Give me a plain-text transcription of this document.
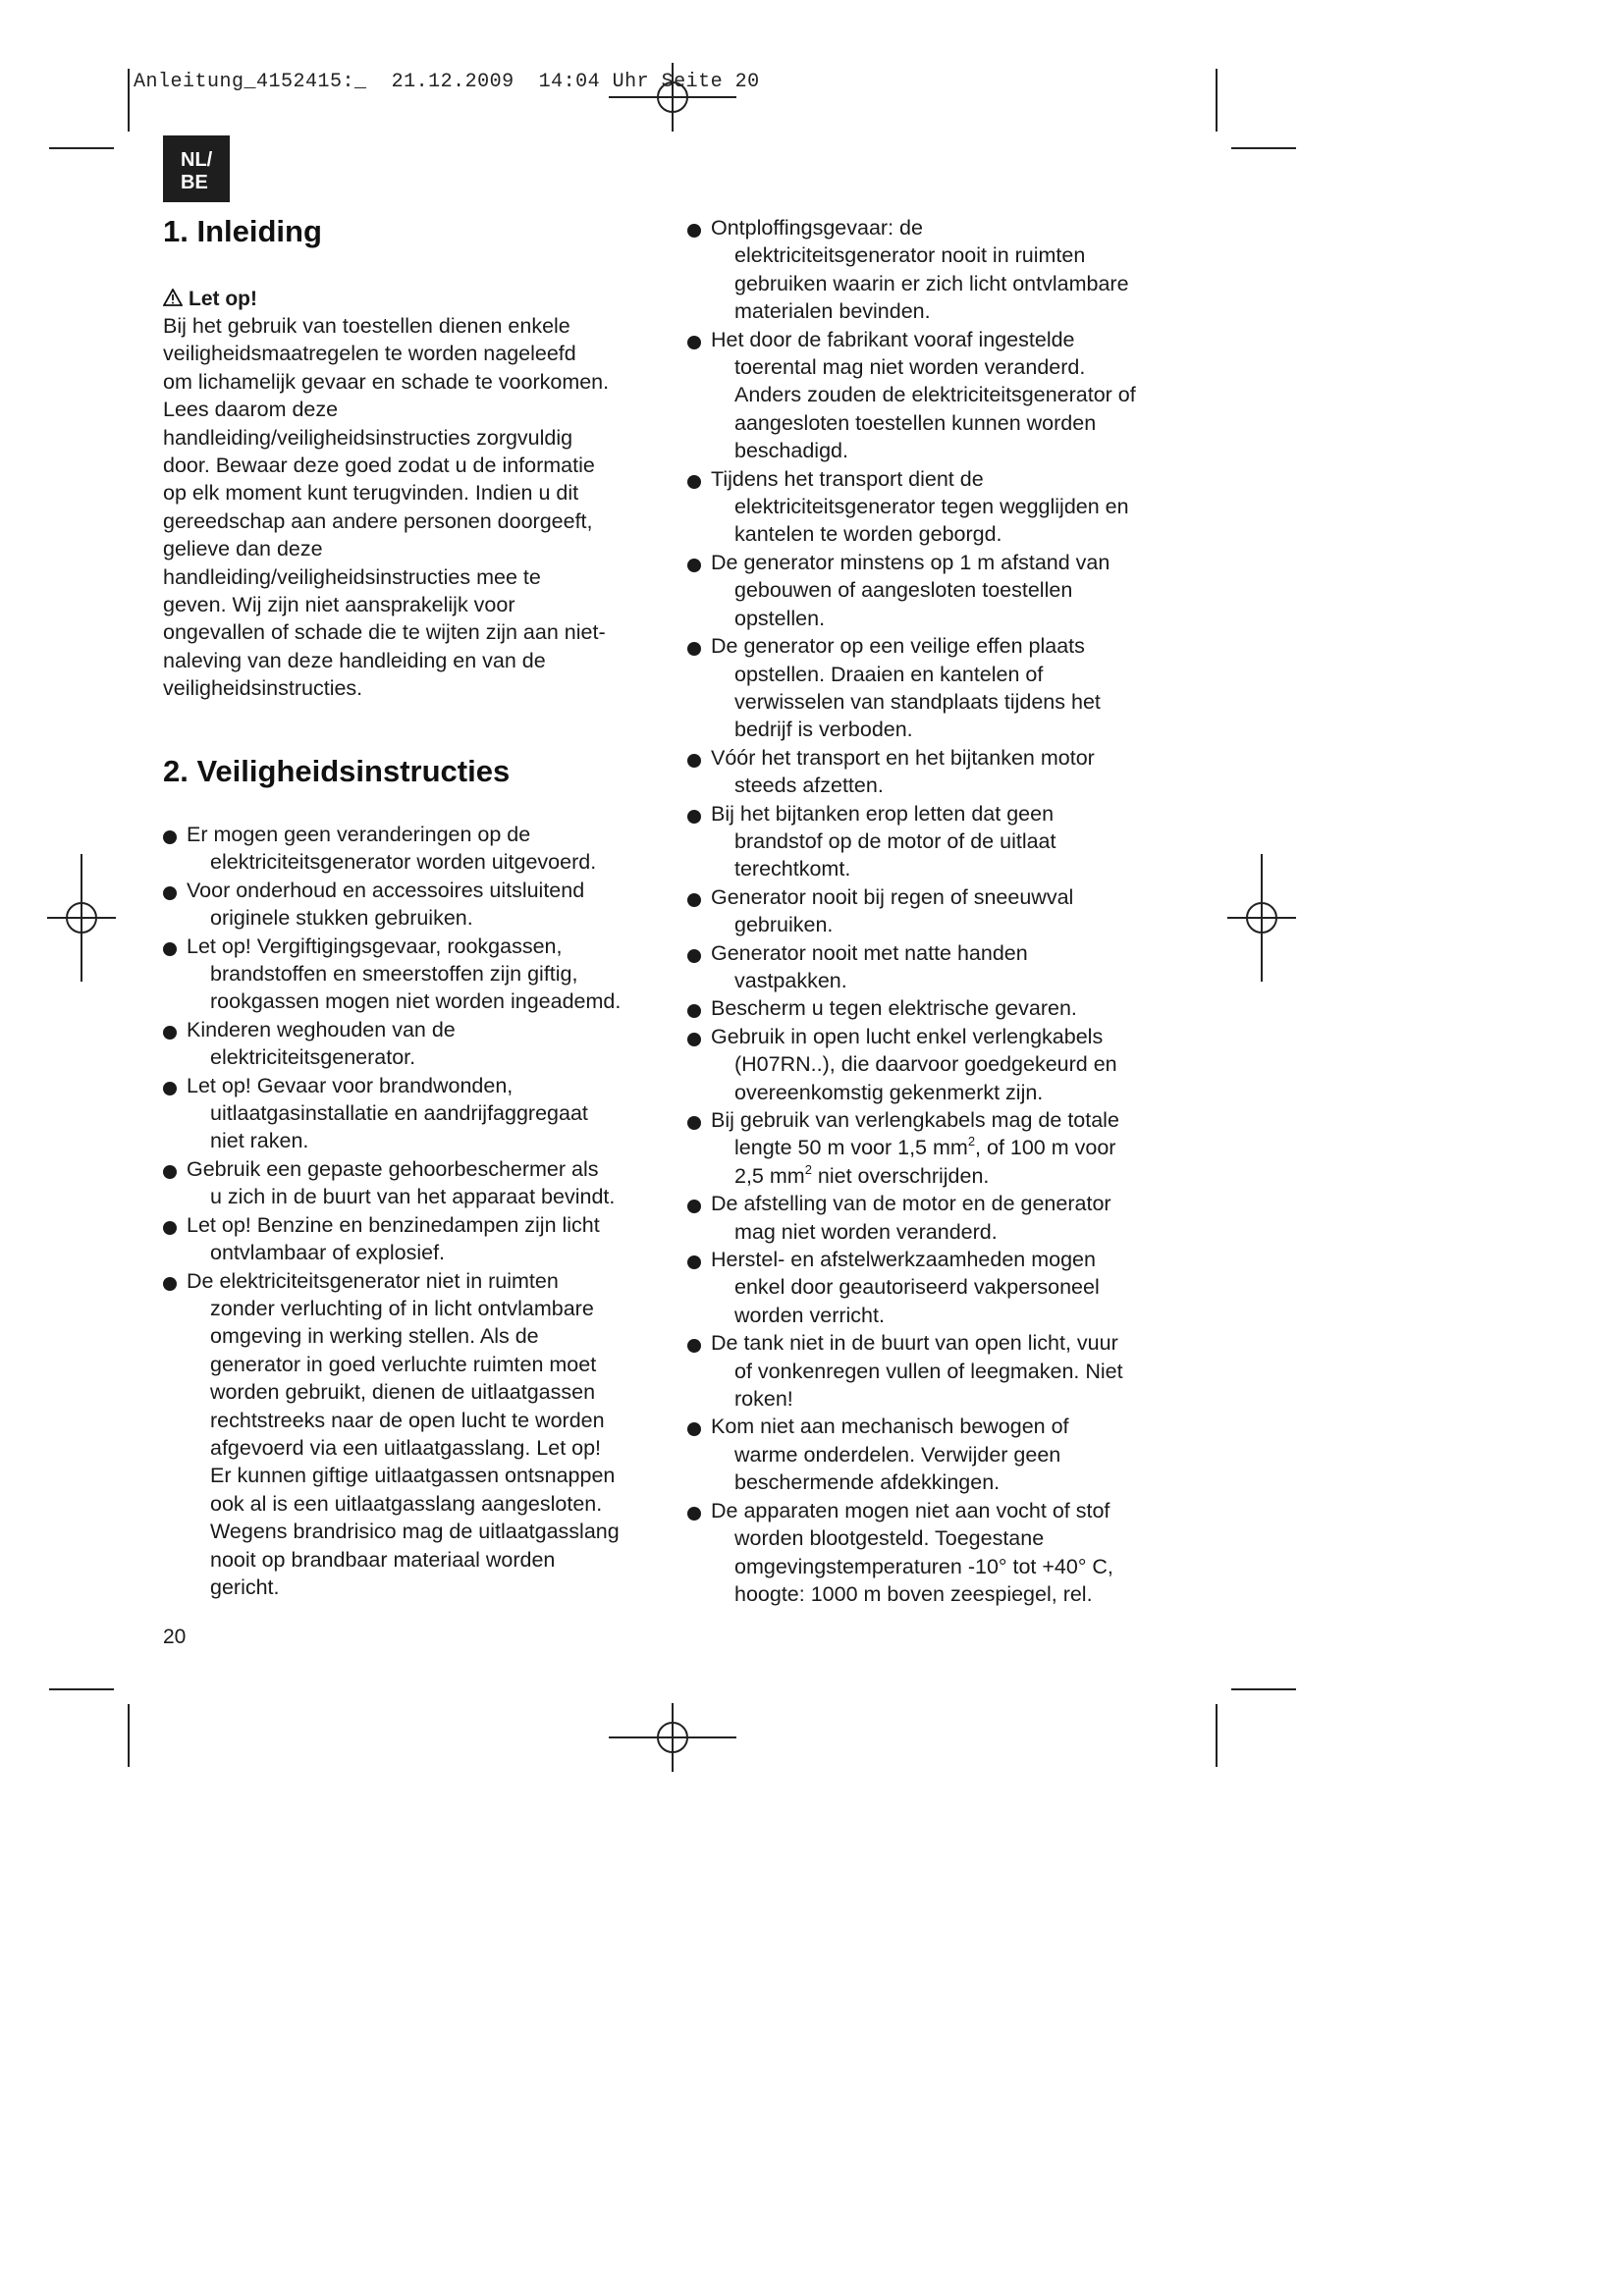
Anleitung_4152415:_ 21.12.2009 14:04 Uhr Seite 20
NL/
BE
1. Inleiding
Let op!

Bij het gebruik van toestellen dienen enkele
veiligheidsmaatregelen te worden nageleefd
om lichamelijk gevaar en schade te voorkomen.
Lees daarom deze
handleiding/veiligheidsinstructies zorgvuldig
door. Bewaar deze goed zodat u de informatie
op elk moment kunt terugvinden. Indien u dit
gereedschap aan andere personen doorgeeft,
gelieve dan deze
handleiding/veiligheidsinstructies mee te
geven. Wij zijn niet aansprakelijk voor
ongevallen of schade die te wijten zijn aan niet-
naleving van deze handleiding en van de
veiligheidsinstructies.

2. Veiligheidsinstructies
Er mogen geen veranderingen op de
elektriciteitsgenerator worden uitgevoerd.
Voor onderhoud en accessoires uitsluitend
originele stukken gebruiken.
Let op! Vergiftigingsgevaar, rookgassen,
brandstoffen en smeerstoffen zijn giftig,
rookgassen mogen niet worden ingeademd.
Kinderen weghouden van de
elektriciteitsgenerator.
Let op! Gevaar voor brandwonden,
uitlaatgasinstallatie en aandrijfaggregaat
niet raken.
Gebruik een gepaste gehoorbeschermer als
u zich in de buurt van het apparaat bevindt.
Let op! Benzine en benzinedampen zijn licht
ontvlambaar of explosief.
De elektriciteitsgenerator niet in ruimten
zonder verluchting of in licht ontvlambare
omgeving in werking stellen. Als de
generator in goed verluchte ruimten moet
worden gebruikt, dienen de uitlaatgassen
rechtstreeks naar de open lucht te worden
afgevoerd via een uitlaatgasslang. Let op!
Er kunnen giftige uitlaatgassen ontsnappen
ook al is een uitlaatgasslang aangesloten.
Wegens brandrisico mag de uitlaatgasslang
nooit op brandbaar materiaal worden
gericht.
Ontploffingsgevaar: de
elektriciteitsgenerator nooit in ruimten
gebruiken waarin er zich licht ontvlambare
materialen bevinden.
Het door de fabrikant vooraf ingestelde
toerental mag niet worden veranderd.
Anders zouden de elektriciteitsgenerator of
aangesloten toestellen kunnen worden
beschadigd.
Tijdens het transport dient de
elektriciteitsgenerator tegen wegglijden en
kantelen te worden geborgd.
De generator minstens op 1 m afstand van
gebouwen of aangesloten toestellen
opstellen.
De generator op een veilige effen plaats
opstellen. Draaien en kantelen of
verwisselen van standplaats tijdens het
bedrijf is verboden.
Vóór het transport en het bijtanken motor
steeds afzetten.
Bij het bijtanken erop letten dat geen
brandstof op de motor of de uitlaat
terechtkomt.
Generator nooit bij regen of sneeuwval
gebruiken.
Generator nooit met natte handen
vastpakken.
Bescherm u tegen elektrische gevaren.
Gebruik in open lucht enkel verlengkabels
(H07RN..), die daarvoor goedgekeurd en
overeenkomstig gekenmerkt zijn.
Bij gebruik van verlengkabels mag de totale
lengte 50 m voor 1,5 $mm^2$, of 100 m voor
2,5 $mm^2$ niet overschrijden.
De afstelling van de motor en de generator
mag niet worden veranderd.
Herstel- en afstelwerkzaamheden mogen
enkel door geautoriseerd vakpersoneel
worden verricht.
De tank niet in de buurt van open licht, vuur
of vonkenregen vullen of leegmaken. Niet
roken!
Kom niet aan mechanisch bewogen of
warme onderdelen. Verwijder geen
beschermende afdekkingen.
De apparaten mogen niet aan vocht of stof
worden blootgesteld. Toegestane
omgevingstemperaturen -10° tot +40° C,
hoogte: 1000 m boven zeespiegel, rel.
20
